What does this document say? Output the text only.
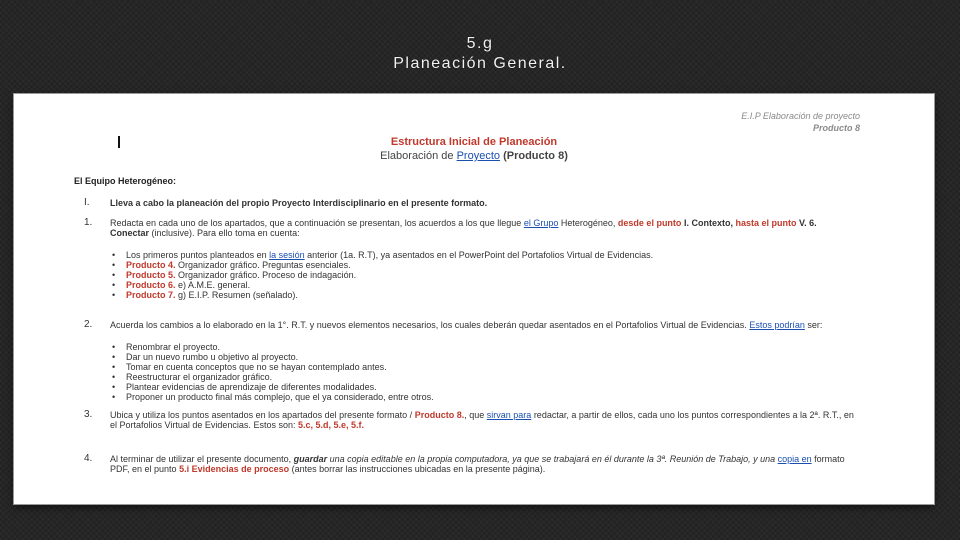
5.g
Planeación General.
E.I.P Elaboración de proyecto
Producto 8
Estructura Inicial de Planeación
Elaboración de Proyecto (Producto 8)
El Equipo Heterogéneo:
I. Lleva a cabo la planeación del propio Proyecto Interdisciplinario en el presente formato.
1. Redacta en cada uno de los apartados, que a continuación se presentan, los acuerdos a los que llegue el Grupo Heterogéneo, desde el punto I. Contexto, hasta el punto V. 6. Conectar (inclusive). Para ello toma en cuenta:
• Los primeros puntos planteados en la sesión anterior (1a. R.T), ya asentados en el PowerPoint del Portafolios Virtual de Evidencias.
• Producto 4. Organizador gráfico. Preguntas esenciales.
• Producto 5. Organizador gráfico. Proceso de indagación.
• Producto 6. e) A.M.E. general.
• Producto 7. g) E.I.P. Resumen (señalado).
2. Acuerda los cambios a lo elaborado en la 1°. R.T. y nuevos elementos necesarios, los cuales deberán quedar asentados en el Portafolios Virtual de Evidencias. Estos podrían ser:
• Renombrar el proyecto.
• Dar un nuevo rumbo u objetivo al proyecto.
• Tomar en cuenta conceptos que no se hayan contemplado antes.
• Reestructurar el organizador gráfico.
• Plantear evidencias de aprendizaje de diferentes modalidades.
• Proponer un producto final más complejo, que el ya considerado, entre otros.
3. Ubica y utiliza los puntos asentados en los apartados del presente formato / Producto 8., que sirvan para redactar, a partir de ellos, cada uno los puntos correspondientes a la 2ª. R.T., en el Portafolios Virtual de Evidencias. Estos son: 5.c, 5.d, 5.e, 5.f.
4. Al terminar de utilizar el presente documento, guardar una copia editable en la propia computadora, ya que se trabajará en él durante la 3ª. Reunión de Trabajo, y una copia en formato PDF, en el punto 5.i Evidencias de proceso (antes borrar las instrucciones ubicadas en la presente página).
